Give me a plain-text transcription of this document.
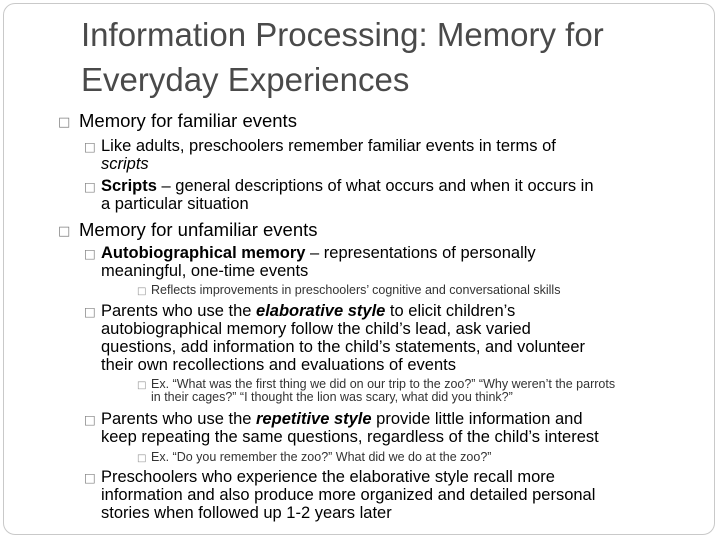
Information Processing: Memory for
Everyday Experiences
□ Memory for familiar events
□ Like adults, preschoolers remember familiar events in terms of
scripts
□ Scripts – general descriptions of what occurs and when it occurs in
a particular situation
□ Memory for unfamiliar events
□ Autobiographical memory – representations of personally
meaningful, one-time events
□ Reflects improvements in preschoolers’ cognitive and conversational skills
□ Parents who use the elaborative style to elicit children’s
autobiographical memory follow the child’s lead, ask varied
questions, add information to the child’s statements, and volunteer
their own recollections and evaluations of events
□ Ex. “What was the first thing we did on our trip to the zoo?” “Why weren’t the parrots
in their cages?” “I thought the lion was scary, what did you think?”
□ Parents who use the repetitive style provide little information and
keep repeating the same questions, regardless of the child’s interest
□ Ex. “Do you remember the zoo?” What did we do at the zoo?”
□ Preschoolers who experience the elaborative style recall more
information and also produce more organized and detailed personal
stories when followed up 1-2 years later
